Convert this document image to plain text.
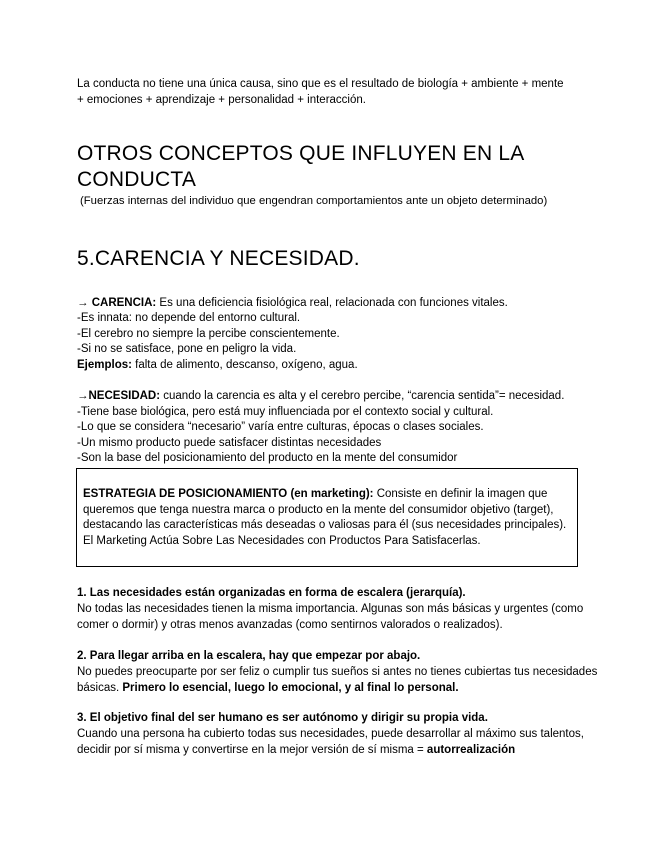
La conducta no tiene una única causa, sino que es el resultado de biología + ambiente + mente

+ emociones + aprendizaje + personalidad + interacción.

OTROS CONCEPTOS QUE INFLUYEN EN LA
CONDUCTA

(Fuerzas internas del individuo que engendran comportamientos ante un objeto determinado)

5.CARENCIA Y NECESIDAD.

→ CARENCIA: Es una deficiencia fisiológica real, relacionada con funciones vitales.

-Es innata: no depende del entorno cultural.

-El cerebro no siempre la percibe conscientemente.

-Si no se satisface, pone en peligro la vida.

Ejemplos: falta de alimento, descanso, oxígeno, agua.

→NECESIDAD: cuando la carencia es alta y el cerebro percibe, “carencia sentida”= necesidad.

-Tiene base biológica, pero está muy influenciada por el contexto social y cultural.

-Lo que se considera “necesario” varía entre culturas, épocas o clases sociales.

-Un mismo producto puede satisfacer distintas necesidades

-Son la base del posicionamiento del producto en la mente del consumidor

ESTRATEGIA DE POSICIONAMIENTO (en marketing): Consiste en definir la imagen que queremos que tenga nuestra marca o producto en la mente del consumidor objetivo (target), destacando las características más deseadas o valiosas para él (sus necesidades principales). El Marketing Actúa Sobre Las Necesidades con Productos Para Satisfacerlas.

1. Las necesidades están organizadas en forma de escalera (jerarquía).

No todas las necesidades tienen la misma importancia. Algunas son más básicas y urgentes (como comer o dormir) y otras menos avanzadas (como sentirnos valorados o realizados).

2. Para llegar arriba en la escalera, hay que empezar por abajo.

No puedes preocuparte por ser feliz o cumplir tus sueños si antes no tienes cubiertas tus necesidades básicas. Primero lo esencial, luego lo emocional, y al final lo personal.

3. El objetivo final del ser humano es ser autónomo y dirigir su propia vida.

Cuando una persona ha cubierto todas sus necesidades, puede desarrollar al máximo sus talentos, decidir por sí misma y convertirse en la mejor versión de sí misma = autorrealización
